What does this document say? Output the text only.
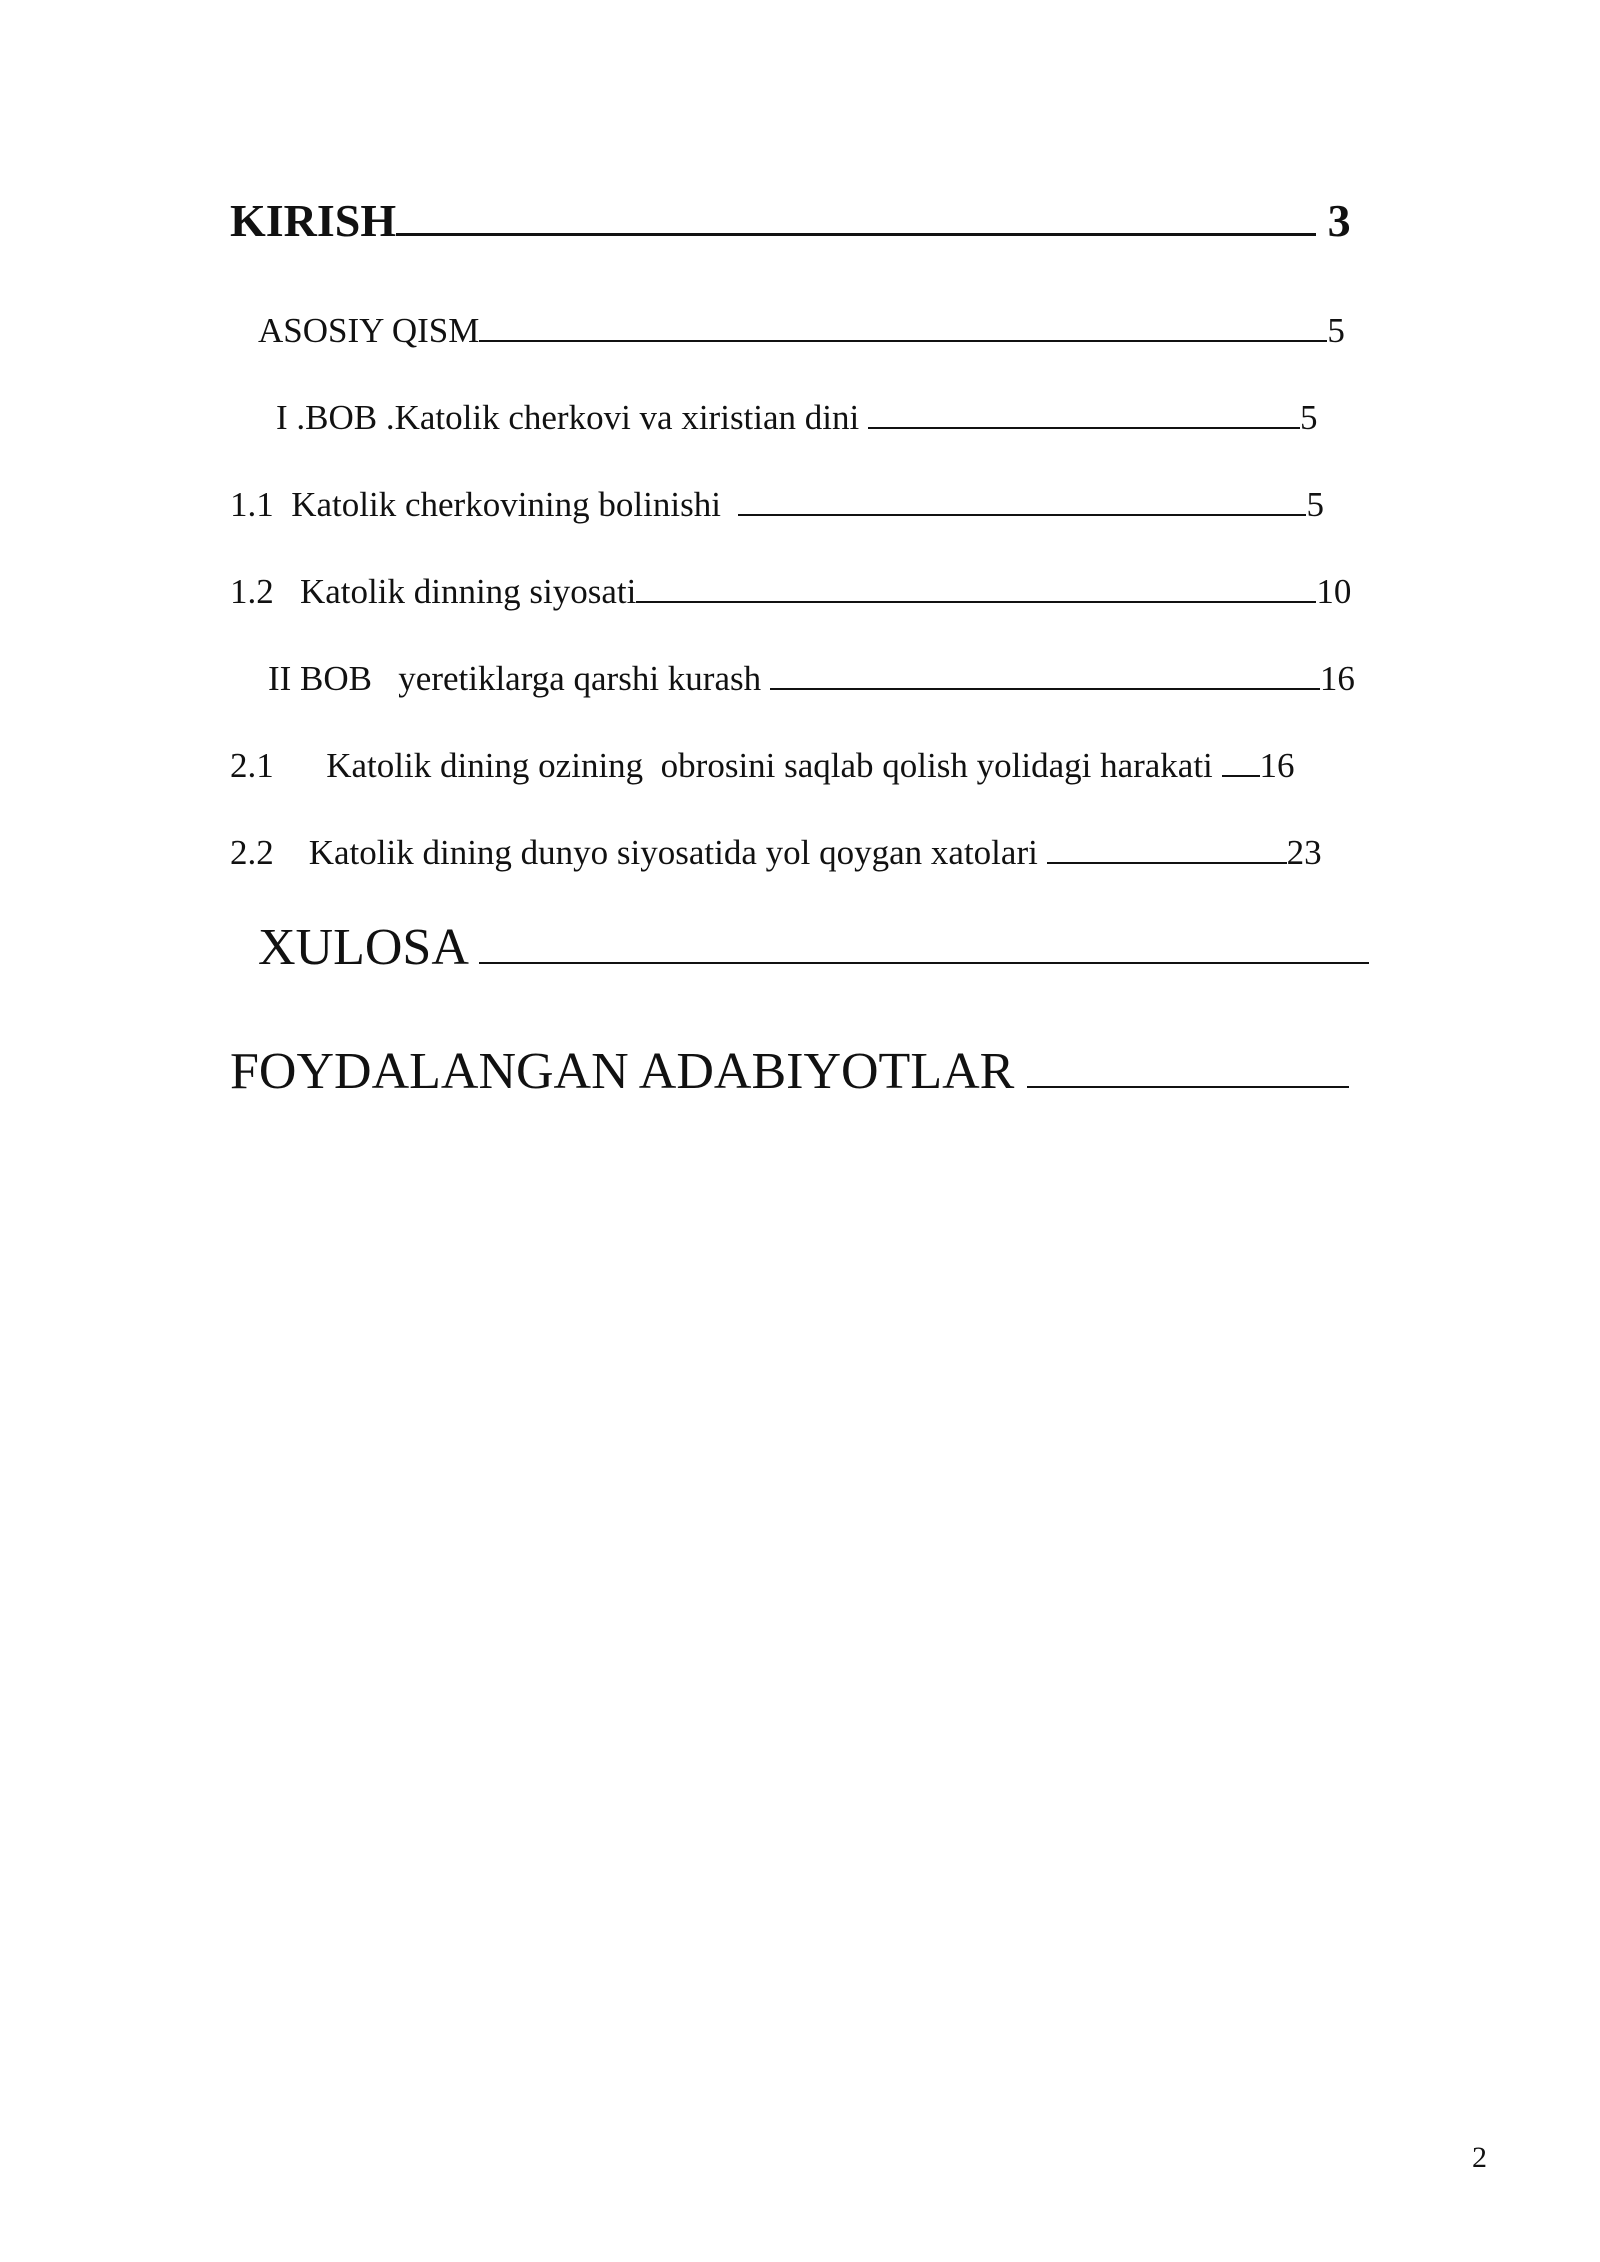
KIRISH	3
ASOSIY QISM	5
I .BOB .Katolik cherkovi va xiristian dini	5
1.1 Katolik cherkovining bolinishi	5
1.2 Katolik dinning siyosati	10
II BOB yeretiklarga qarshi kurash	16
2.1 Katolik dining ozining  obrosini saqlab qolish yolidagi harakati 16
2.2 Katolik dining dunyo siyosatida yol qoygan xatolari	23
XULOSA
FOYDALANGAN ADABIYOTLAR
2
